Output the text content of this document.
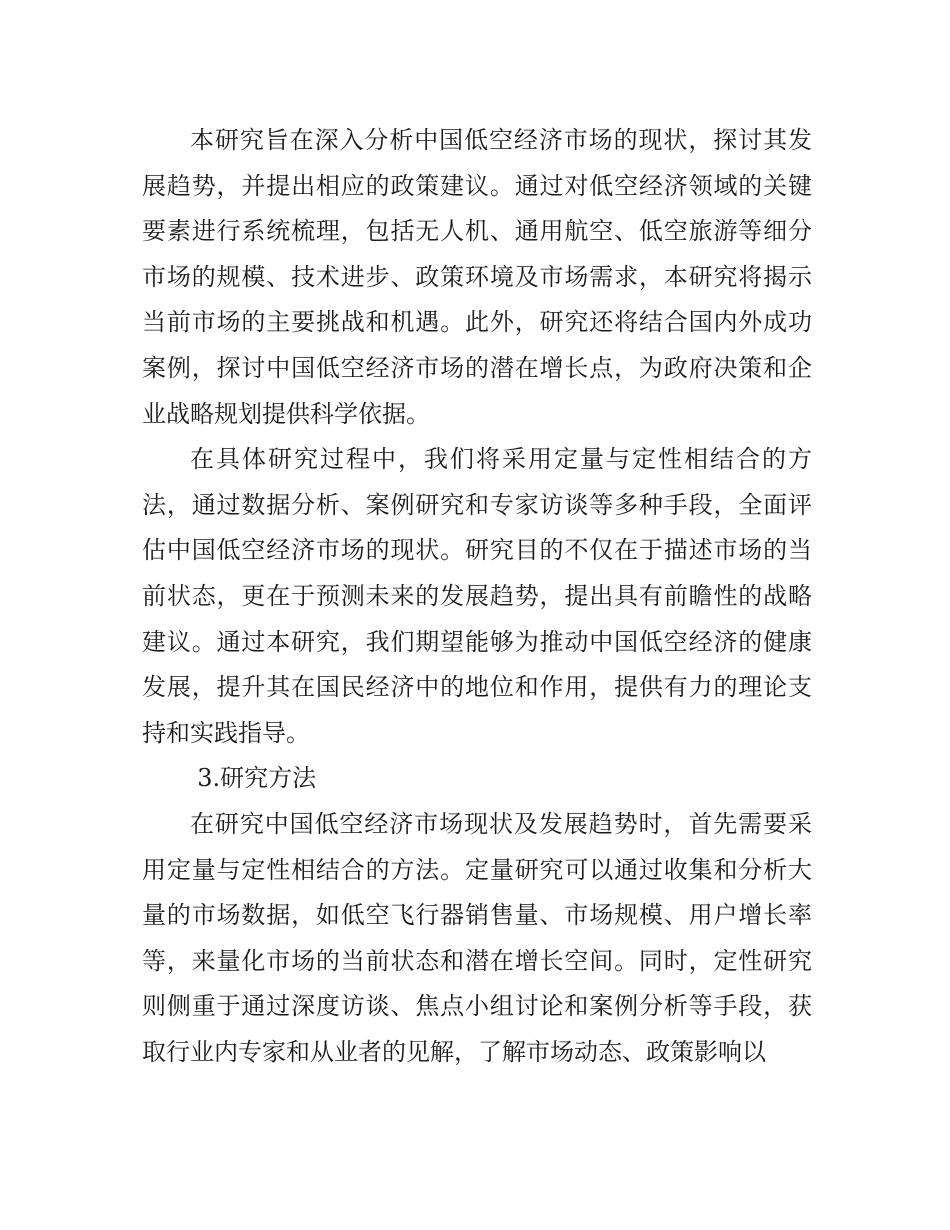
本研究旨在深入分析中国低空经济市场的现状，探讨其发展趋势，并提出相应的政策建议。通过对低空经济领域的关键要素进行系统梳理，包括无人机、通用航空、低空旅游等细分市场的规模、技术进步、政策环境及市场需求，本研究将揭示当前市场的主要挑战和机遇。此外，研究还将结合国内外成功案例，探讨中国低空经济市场的潜在增长点，为政府决策和企业战略规划提供科学依据。

在具体研究过程中，我们将采用定量与定性相结合的方法，通过数据分析、案例研究和专家访谈等多种手段，全面评估中国低空经济市场的现状。研究目的不仅在于描述市场的当前状态，更在于预测未来的发展趋势，提出具有前瞻性的战略建议。通过本研究，我们期望能够为推动中国低空经济的健康发展，提升其在国民经济中的地位和作用，提供有力的理论支持和实践指导。

3.研究方法

在研究中国低空经济市场现状及发展趋势时，首先需要采用定量与定性相结合的方法。定量研究可以通过收集和分析大量的市场数据，如低空飞行器销售量、市场规模、用户增长率等，来量化市场的当前状态和潜在增长空间。同时，定性研究则侧重于通过深度访谈、焦点小组讨论和案例分析等手段，获取行业内专家和从业者的见解，了解市场动态、政策影响以
